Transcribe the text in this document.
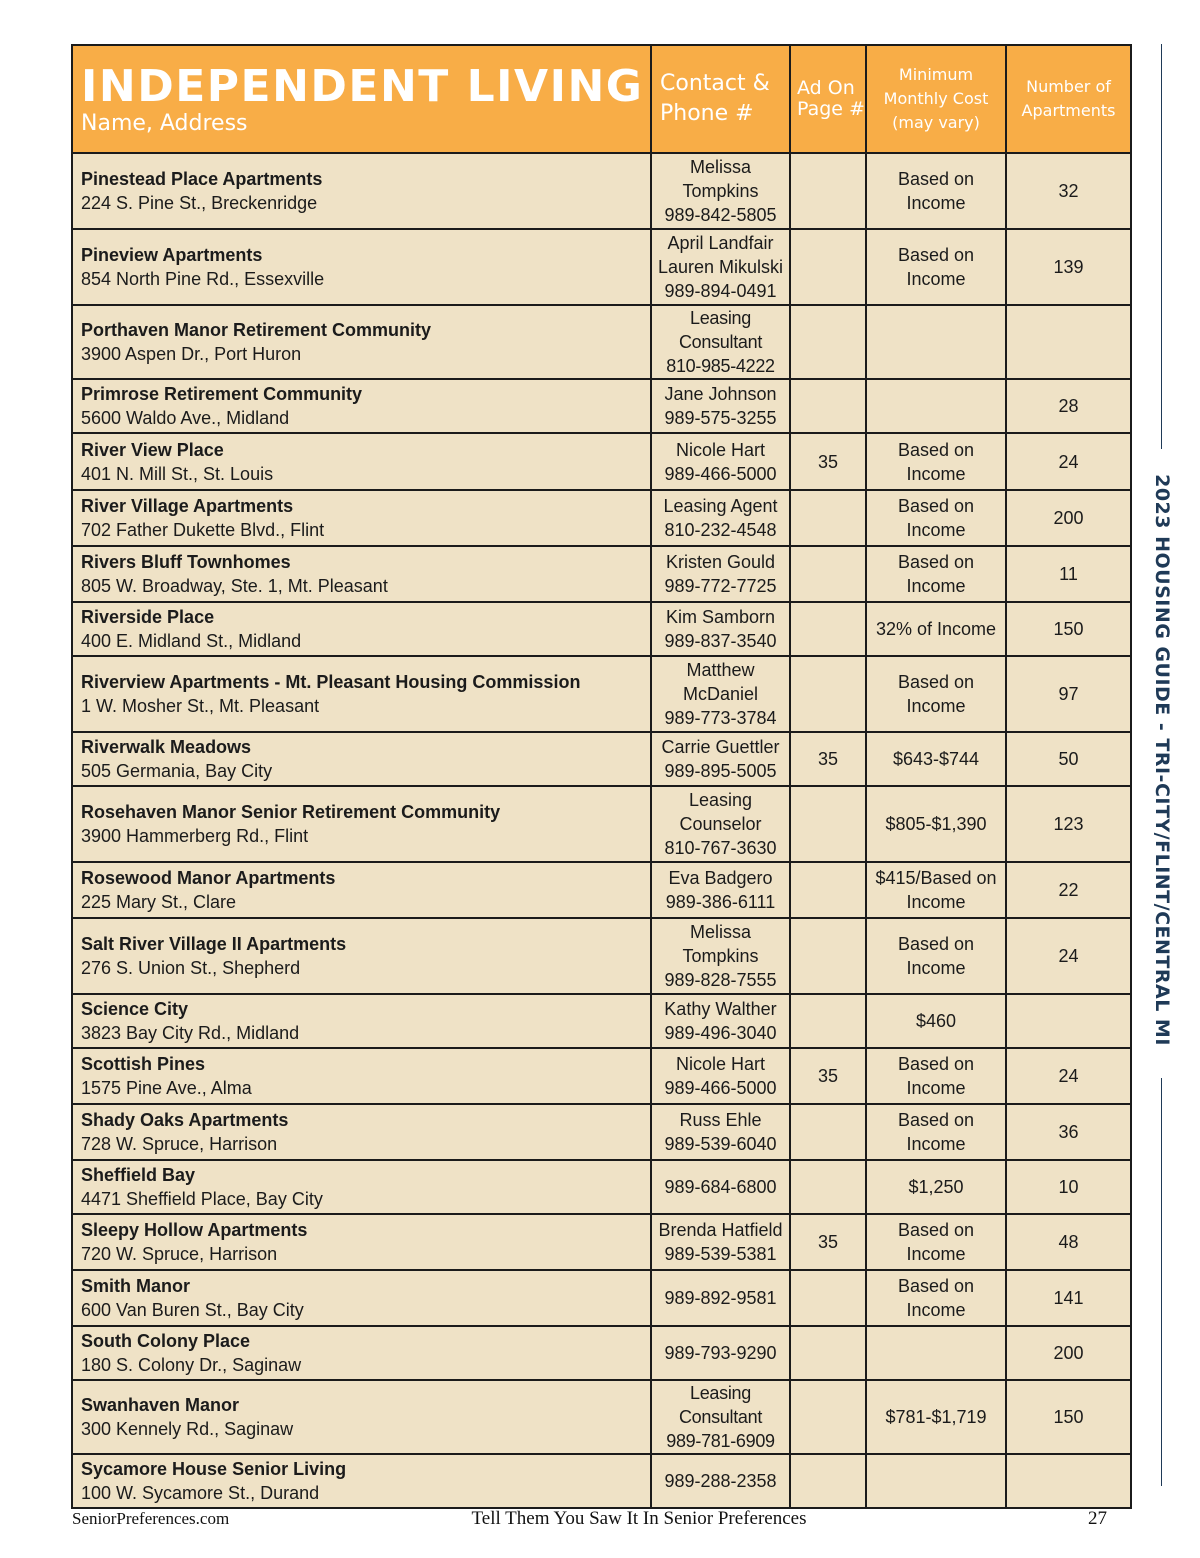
INDEPENDENT LIVING
Name, Address	Contact &
Phone #	Ad On
Page #	Minimum
Monthly Cost
(may vary)	Number of
Apartments

Pinestead Place Apartments
224 S. Pine St., Breckenridge	Melissa
Tompkins
989-842-5805		Based on
Income	32

Pineview Apartments
854 North Pine Rd., Essexville	April Landfair
Lauren Mikulski
989-894-0491		Based on
Income	139

Porthaven Manor Retirement Community
3900 Aspen Dr., Port Huron	Leasing Consultant
810-985-4222			

Primrose Retirement Community
5600 Waldo Ave., Midland	Jane Johnson
989-575-3255			28

River View Place
401 N. Mill St., St. Louis	Nicole Hart
989-466-5000	35	Based on
Income	24

River Village Apartments
702 Father Dukette Blvd., Flint	Leasing Agent
810-232-4548		Based on
Income	200

Rivers Bluff Townhomes
805 W. Broadway, Ste. 1, Mt. Pleasant	Kristen Gould
989-772-7725		Based on
Income	11

Riverside Place
400 E. Midland St., Midland	Kim Samborn
989-837-3540		32% of Income	150

Riverview Apartments - Mt. Pleasant Housing Commission
1 W. Mosher St., Mt. Pleasant	Matthew
McDaniel
989-773-3784		Based on
Income	97

Riverwalk Meadows
505 Germania, Bay City	Carrie Guettler
989-895-5005	35	$643-$744	50

Rosehaven Manor Senior Retirement Community
3900 Hammerberg Rd., Flint	Leasing
Counselor
810-767-3630		$805-$1,390	123

Rosewood Manor Apartments
225 Mary St., Clare	Eva Badgero
989-386-6111		$415/Based on
Income	22

Salt River Village II Apartments
276 S. Union St., Shepherd	Melissa
Tompkins
989-828-7555		Based on
Income	24

Science City
3823 Bay City Rd., Midland	Kathy Walther
989-496-3040		$460	

Scottish Pines
1575 Pine Ave., Alma	Nicole Hart
989-466-5000	35	Based on
Income	24

Shady Oaks Apartments
728 W. Spruce, Harrison	Russ Ehle
989-539-6040		Based on
Income	36

Sheffield Bay
4471 Sheffield Place, Bay City	989-684-6800		$1,250	10

Sleepy Hollow Apartments
720 W. Spruce, Harrison	Brenda Hatfield
989-539-5381	35	Based on
Income	48

Smith Manor
600 Van Buren St., Bay City	989-892-9581		Based on
Income	141

South Colony Place
180 S. Colony Dr., Saginaw	989-793-9290			200

Swanhaven Manor
300 Kennely Rd., Saginaw	Leasing Consultant
989-781-6909		$781-$1,719	150

Sycamore House Senior Living
100 W. Sycamore St., Durand	989-288-2358			

2023 HOUSING GUIDE - TRI-CITY/FLINT/CENTRAL MI
SeniorPreferences.com	Tell Them You Saw It In Senior Preferences	27
